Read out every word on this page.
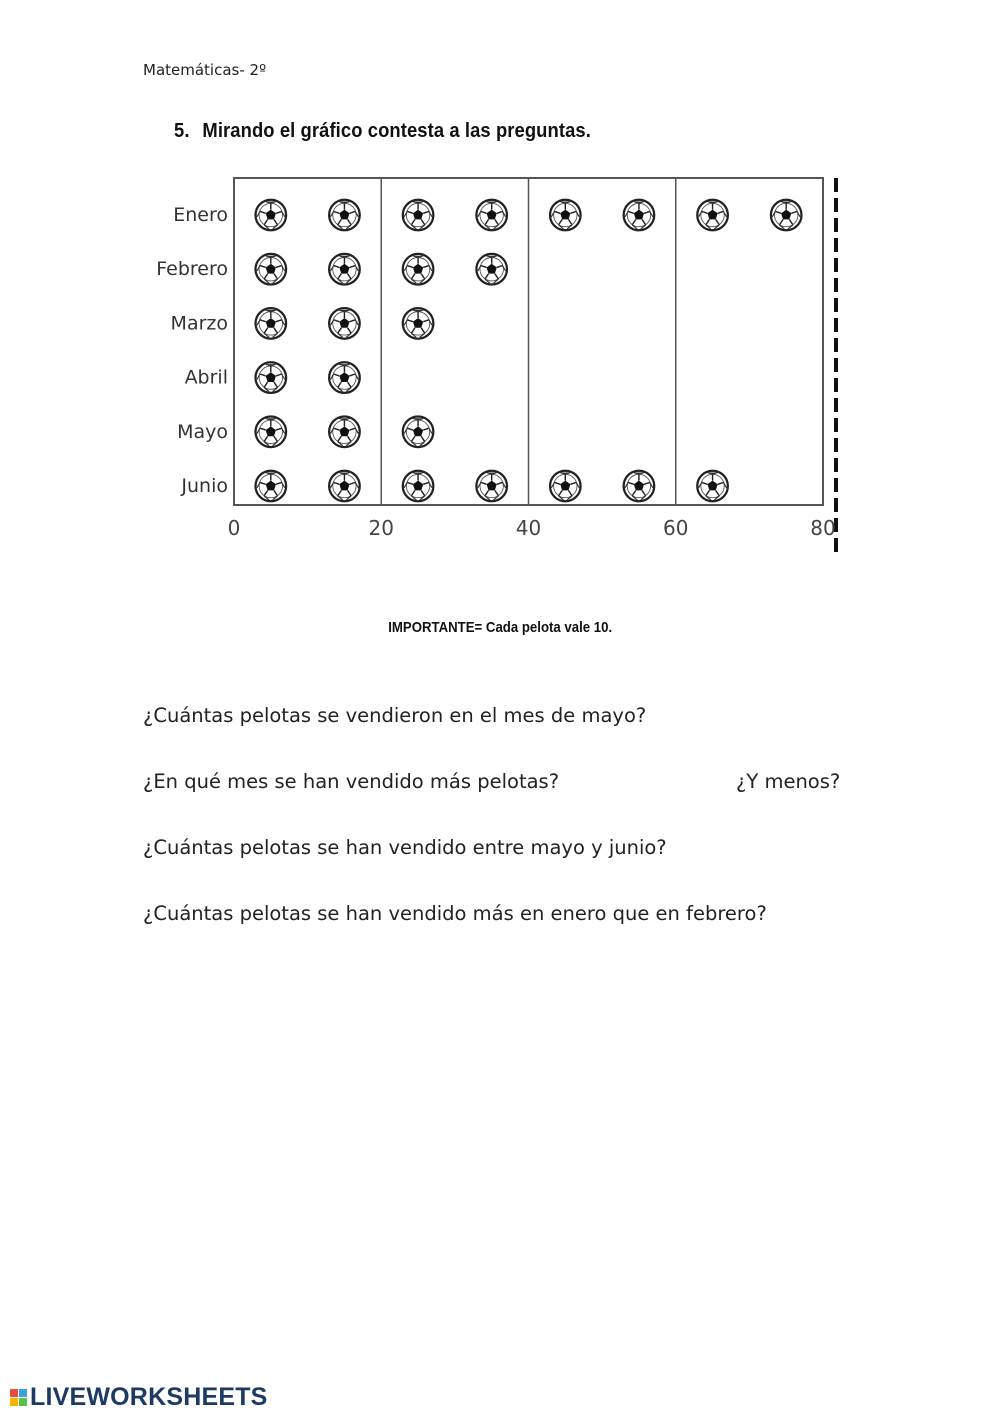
Matemáticas- 2º
5. Mirando el gráfico contesta a las preguntas.
Enero
Febrero
Marzo
Abril
Mayo
Junio
0	20	40	60	80
IMPORTANTE= Cada pelota vale 10.
¿Cuántas pelotas se vendieron en el mes de mayo?
¿En qué mes se han vendido más pelotas?	¿Y menos?
¿Cuántas pelotas se han vendido entre mayo y junio?
¿Cuántas pelotas se han vendido más en enero que en febrero?
LIVEWORKSHEETS
